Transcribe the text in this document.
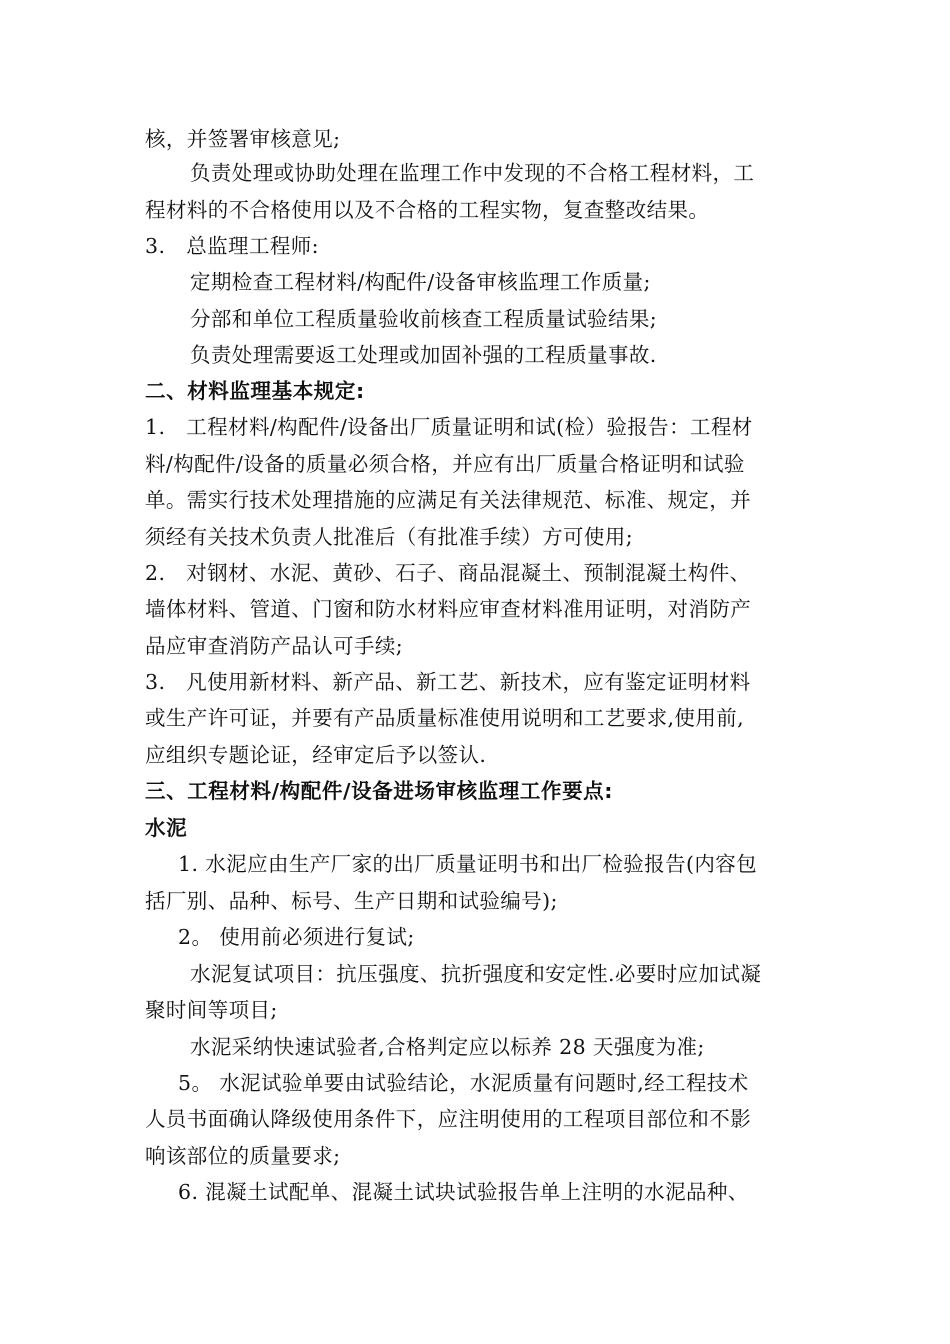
核，并签署审核意见;
负责处理或协助处理在监理工作中发现的不合格工程材料，工
程材料的不合格使用以及不合格的工程实物，复查整改结果。
3.　总监理工程师:
定期检查工程材料/构配件/设备审核监理工作质量;
分部和单位工程质量验收前核查工程质量试验结果;
负责处理需要返工处理或加固补强的工程质量事故.
二、材料监理基本规定:
1.　工程材料/构配件/设备出厂质量证明和试(检）验报告：工程材
料/构配件/设备的质量必须合格，并应有出厂质量合格证明和试验
单。需实行技术处理措施的应满足有关法律规范、标准、规定，并
须经有关技术负责人批准后（有批准手续）方可使用;
2.　对钢材、水泥、黄砂、石子、商品混凝土、预制混凝土构件、
墙体材料、管道、门窗和防水材料应审查材料准用证明，对消防产
品应审查消防产品认可手续;
3.　凡使用新材料、新产品、新工艺、新技术，应有鉴定证明材料
或生产许可证，并要有产品质量标准使用说明和工艺要求,使用前,
应组织专题论证，经审定后予以签认.
三、工程材料/构配件/设备进场审核监理工作要点:
水泥
1. 水泥应由生产厂家的出厂质量证明书和出厂检验报告(内容包
括厂别、品种、标号、生产日期和试验编号);
2。 使用前必须进行复试;
水泥复试项目：抗压强度、抗折强度和安定性.必要时应加试凝
聚时间等项目;
水泥采纳快速试验者,合格判定应以标养 28 天强度为准;
5。 水泥试验单要由试验结论，水泥质量有问题时,经工程技术
人员书面确认降级使用条件下，应注明使用的工程项目部位和不影
响该部位的质量要求;
6. 混凝土试配单、混凝土试块试验报告单上注明的水泥品种、
